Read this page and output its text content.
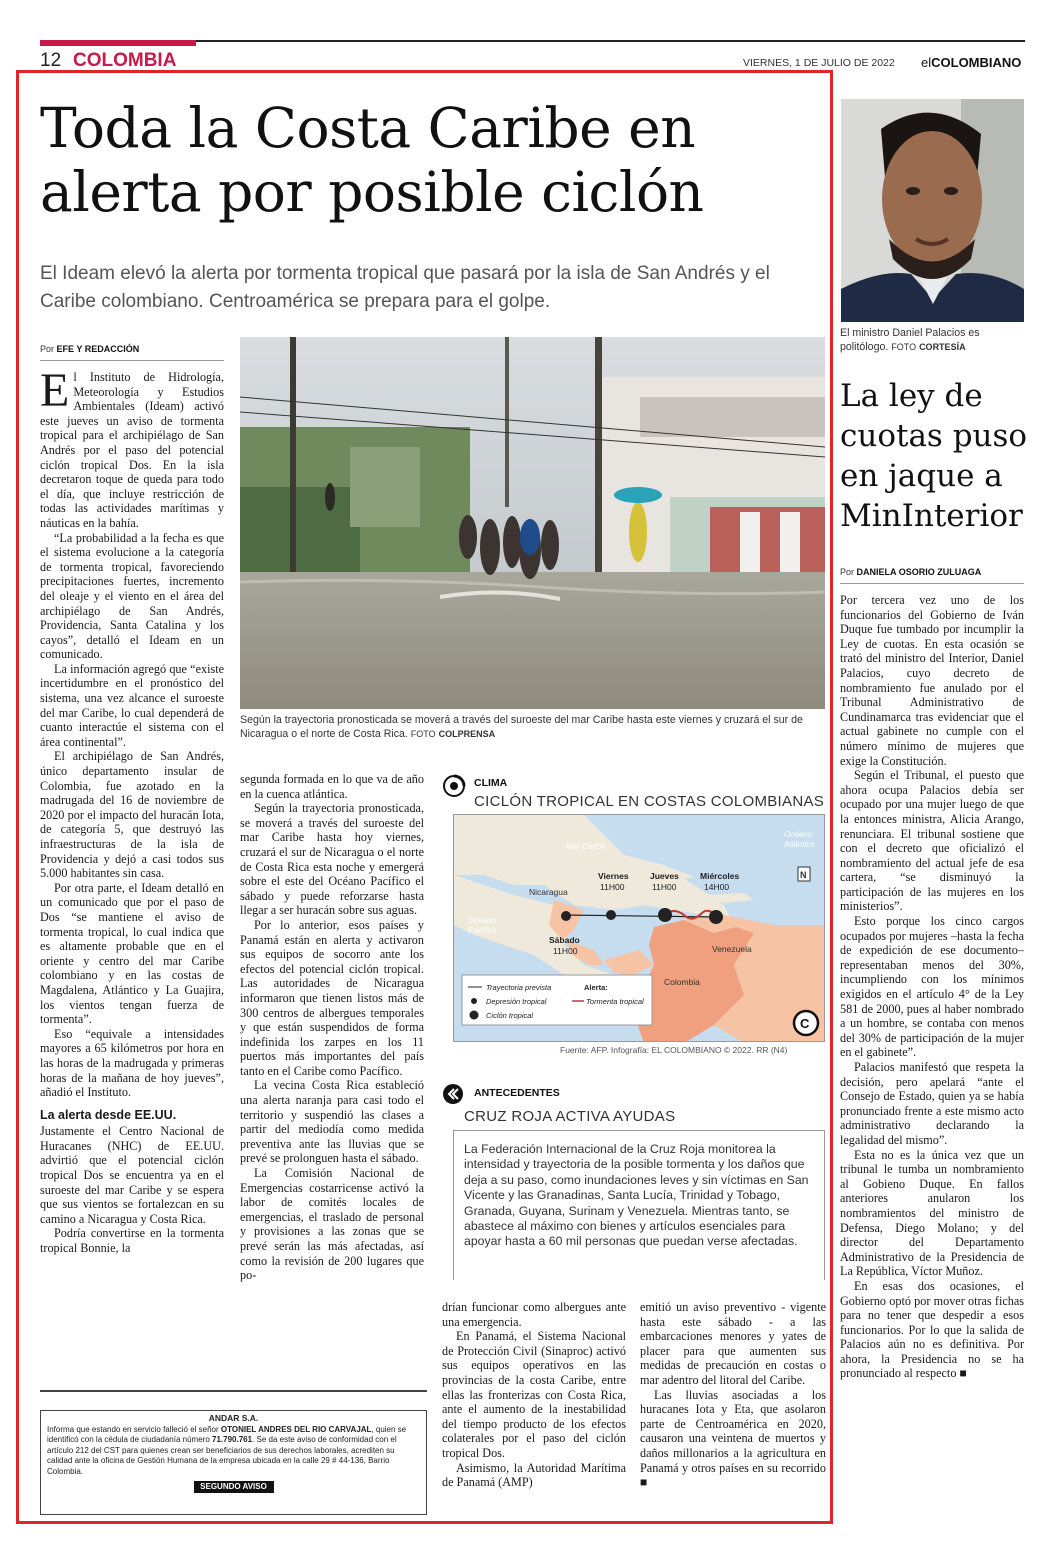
12 COLOMBIA	VIERNES, 1 DE JULIO DE 2022 elCOLOMBIANO
Toda la Costa Caribe en alerta por posible ciclón
El Ideam elevó la alerta por tormenta tropical que pasará por la isla de San Andrés y el Caribe colombiano. Centroamérica se prepara para el golpe.
Por EFE Y REDACCIÓN

El Instituto de Hidrología, Meteorología y Estudios Ambientales (Ideam) activó este jueves un aviso de tormenta tropical para el archipiélago de San Andrés por el paso del potencial ciclón tropical Dos. En la isla decretaron toque de queda para todo el día, que incluye restricción de todas las actividades marítimas y náuticas en la bahía.

“La probabilidad a la fecha es que el sistema evolucione a la categoría de tormenta tropical, favoreciendo precipitaciones fuertes, incremento del oleaje y el viento en el área del archipiélago de San Andrés, Providencia, Santa Catalina y los cayos”, detalló el Ideam en un comunicado.

La información agregó que “existe incertidumbre en el pronóstico del sistema, una vez alcance el suroeste del mar Caribe, lo cual dependerá de cuanto interactúe el sistema con el área continental”.

El archipiélago de San Andrés, único departamento insular de Colombia, fue azotado en la madrugada del 16 de noviembre de 2020 por el impacto del huracán Iota, de categoría 5, que destruyó las infraestructuras de la isla de Providencia y dejó a casi todos sus 5.000 habitantes sin casa.

Por otra parte, el Ideam detalló en un comunicado que por el paso de Dos “se mantiene el aviso de tormenta tropical, lo cual indica que es altamente probable que en el oriente y centro del mar Caribe colombiano y en las costas de Magdalena, Atlántico y La Guajira, los vientos tengan fuerza de tormenta”.

Eso “equivale a intensidades mayores a 65 kilómetros por hora en las horas de la madrugada y primeras horas de la mañana de hoy jueves”, añadió el Instituto.

La alerta desde EE.UU.

Justamente el Centro Nacional de Huracanes (NHC) de EE.UU. advirtió que el potencial ciclón tropical Dos se encuentra ya en el suroeste del mar Caribe y se espera que sus vientos se fortalezcan en su camino a Nicaragua y Costa Rica.

Podría convertirse en la tormenta tropical Bonnie, la

Según la trayectoria pronosticada se moverá a través del suroeste del mar Caribe hasta este viernes y cruzará el sur de Nicaragua o el norte de Costa Rica. FOTO COLPRENSA

segunda formada en lo que va de año en la cuenca atlántica.

Según la trayectoria pronosticada, se moverá a través del suroeste del mar Caribe hasta hoy viernes, cruzará el sur de Nicaragua o el norte de Costa Rica esta noche y emergerá sobre el este del Océano Pacífico el sábado y puede reforzarse hasta llegar a ser huracán sobre sus aguas.

Por lo anterior, esos países y Panamá están en alerta y activaron sus equipos de socorro ante los efectos del potencial ciclón tropical. Las autoridades de Nicaragua informaron que tienen listos más de 300 centros de albergues temporales y que están suspendidos de forma indefinida los zarpes en los 11 puertos más importantes del país tanto en el Caribe como Pacífico.

La vecina Costa Rica estableció una alerta naranja para casi todo el territorio y suspendió las clases a partir del mediodía como medida preventiva ante las lluvias que se prevé se prolonguen hasta el sábado.

La Comisión Nacional de Emergencias costarricense activó la labor de comités locales de emergencias, el traslado de personal y provisiones a las zonas que se prevé serán las más afectadas, así como la revisión de 200 lugares que po-

CLIMA
CICLÓN TROPICAL EN COSTAS COLOMBIANAS
Mar Caribe
Océano
Atlántico
Océano
Pacífico
Nicaragua
Venezuela
Colombia
N
Viernes
11H00
Jueves
11H00
Miércoles
14H00
Sábado
11H00
Trayectoria prevista
Depresión tropical
Ciclón tropical
Alerta:
Tormenta tropical
C
Fuente: AFP. Infografía: EL COLOMBIANO © 2022. RR (N4)
ANTECEDENTES
CRUZ ROJA ACTIVA AYUDAS
La Federación Internacional de la Cruz Roja monitorea la intensidad y trayectoria de la posible tormenta y los daños que deja a su paso, como inundaciones leves y sin víctimas en San Vicente y las Granadinas, Santa Lucía, Trinidad y Tobago, Granada, Guyana, Surinam y Venezuela. Mientras tanto, se abastece al máximo con bienes y artículos esenciales para apoyar hasta a 60 mil personas que puedan verse afectadas.

drían funcionar como albergues ante una emergencia.

En Panamá, el Sistema Nacional de Protección Civil (Sinaproc) activó sus equipos operativos en las provincias de la costa Caribe, entre ellas las fronterizas con Costa Rica, ante el aumento de la inestabilidad del tiempo producto de los efectos colaterales por el paso del ciclón tropical Dos.

Asimismo, la Autoridad Marítima de Panamá (AMP)

emitió un aviso preventivo - vigente hasta este sábado - a las embarcaciones menores y yates de placer para que aumenten sus medidas de precaución en costas o mar adentro del litoral del Caribe.

Las lluvias asociadas a los huracanes Iota y Eta, que asolaron parte de Centroamérica en 2020, causaron una veintena de muertos y daños millonarios a la agricultura en Panamá y otros países en su recorrido ■

ANDAR S.A.
Informa que estando en servicio falleció el señor OTONIEL ANDRES DEL RIO CARVAJAL, quien se identificó con la cédula de ciudadanía número 71.790.761. Se da este aviso de conformidad con el artículo 212 del CST para quienes crean ser beneficiarios de sus derechos laborales, acrediten su calidad ante la oficina de Gestión Humana de la empresa ubicada en la calle 29 # 44-136, Barrio Colombia.
SEGUNDO AVISO
El ministro Daniel Palacios es politólogo. FOTO CORTESÍA
La ley de cuotas puso en jaque a MinInterior
Por DANIELA OSORIO ZULUAGA

Por tercera vez uno de los funcionarios del Gobierno de Iván Duque fue tumbado por incumplir la Ley de cuotas. En esta ocasión se trató del ministro del Interior, Daniel Palacios, cuyo decreto de nombramiento fue anulado por el Tribunal Administrativo de Cundinamarca tras evidenciar que el actual gabinete no cumple con el número mínimo de mujeres que exige la Constitución.

Según el Tribunal, el puesto que ahora ocupa Palacios debía ser ocupado por una mujer luego de que la entonces ministra, Alicia Arango, renunciara. El tribunal sostiene que con el decreto que oficializó el nombramiento del actual jefe de esa cartera, “se disminuyó la participación de las mujeres en los ministerios”.

Esto porque los cinco cargos ocupados por mujeres –hasta la fecha de expedición de ese documento– representaban menos del 30%, incumpliendo con los mínimos exigidos en el artículo 4° de la Ley 581 de 2000, pues al haber nombrado a un hombre, se contaba con menos del 30% de participación de la mujer en el gabinete”.

Palacios manifestó que respeta la decisión, pero apelará “ante el Consejo de Estado, quien ya se había pronunciado frente a este mismo acto administrativo declarando la legalidad del mismo”.

Esta no es la única vez que un tribunal le tumba un nombramiento al Gobieno Duque. En fallos anteriores anularon los nombramientos del ministro de Defensa, Diego Molano; y del director del Departamento Administrativo de la Presidencia de La República, Víctor Muñoz.

En esas dos ocasiones, el Gobierno optó por mover otras fichas para no tener que despedir a esos funcionarios. Por lo que la salida de Palacios aún no es definitiva. Por ahora, la Presidencia no se ha pronunciado al respecto ■
